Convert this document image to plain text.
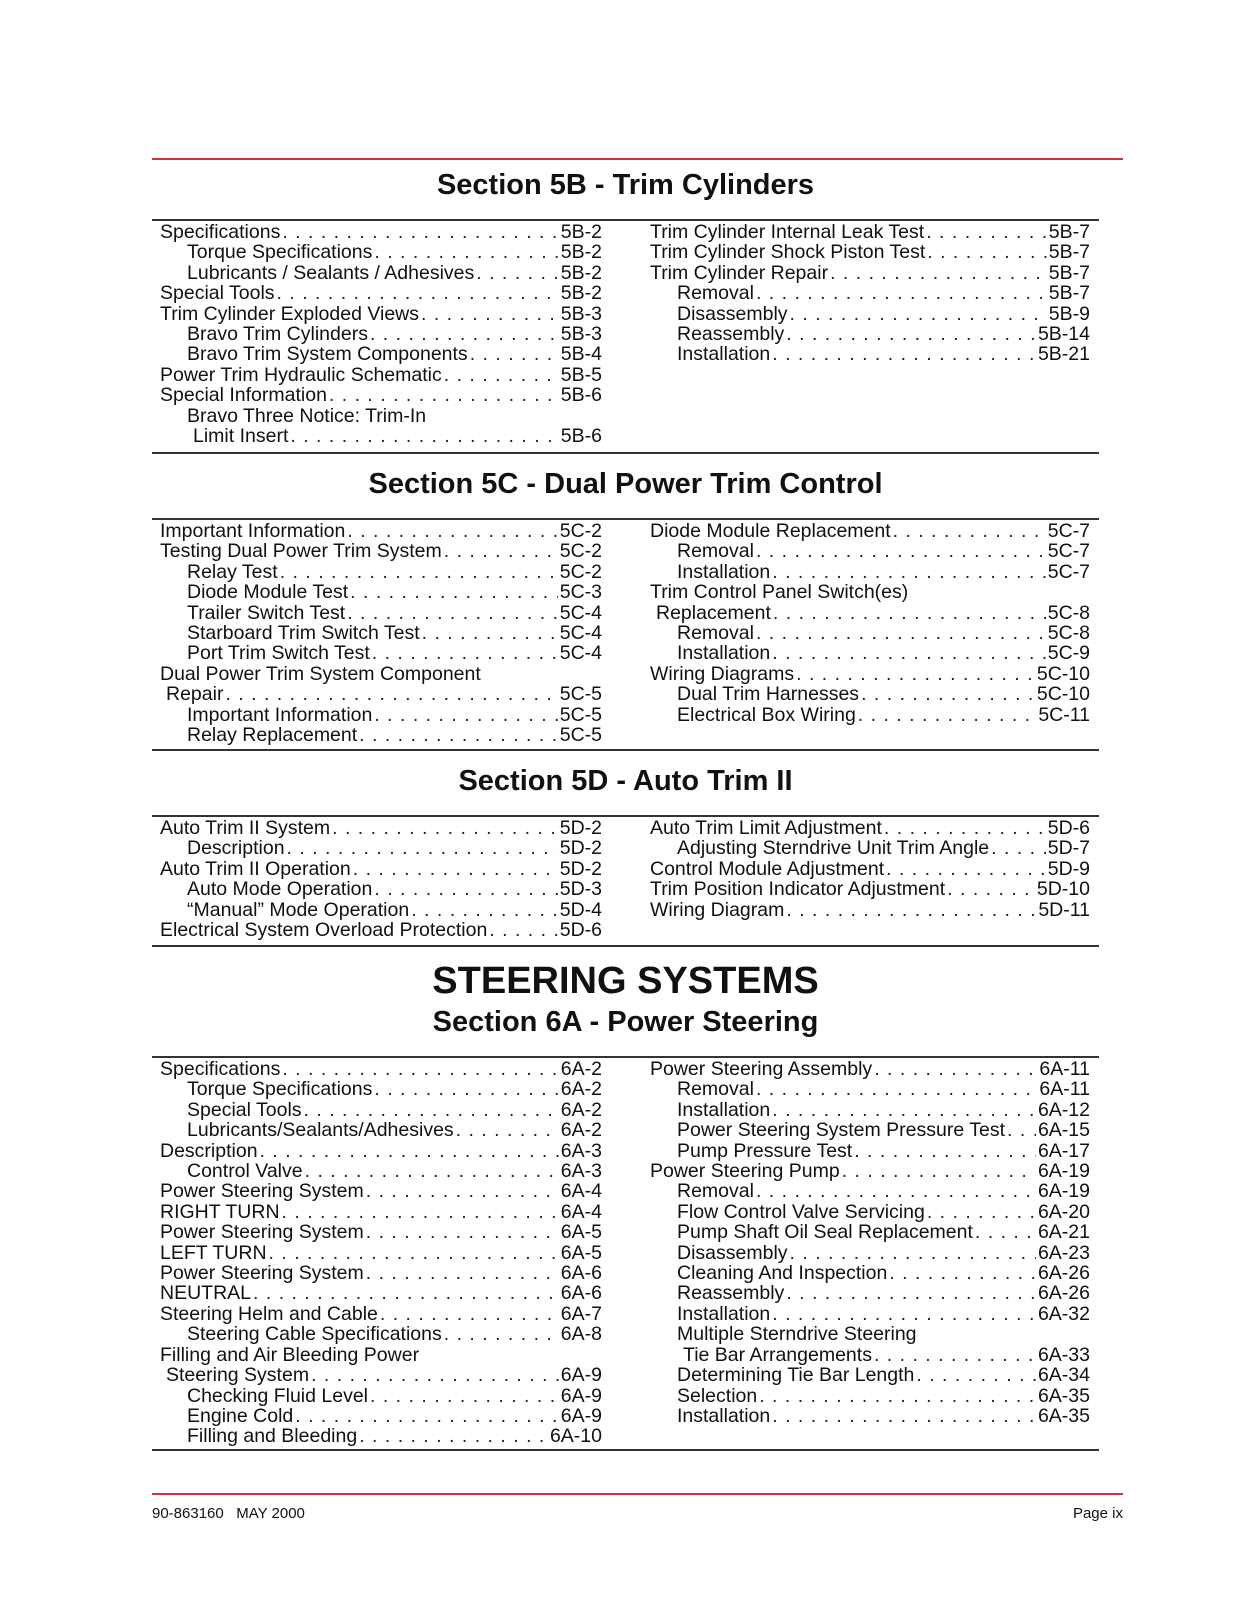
Section 5B - Trim Cylinders
Specifications . . .	5B-2
Torque Specifications . . .	5B-2
Lubricants / Sealants / Adhesives . . .	5B-2
Special Tools . . .	5B-2
Trim Cylinder Exploded Views . . .	5B-3
Bravo Trim Cylinders . . .	5B-3
Bravo Trim System Components . . .	5B-4
Power Trim Hydraulic Schematic . . .	5B-5
Special Information . . .	5B-6
Bravo Three Notice: Trim-In
Limit Insert . . .	5B-6
Trim Cylinder Internal Leak Test . . .	5B-7
Trim Cylinder Shock Piston Test . . .	5B-7
Trim Cylinder Repair . . .	5B-7
Removal . . .	5B-7
Disassembly . . .	5B-9
Reassembly . . .	5B-14
Installation . . .	5B-21
Section 5C - Dual Power Trim Control
Important Information . . .	5C-2
Testing Dual Power Trim System . . .	5C-2
Relay Test . . .	5C-2
Diode Module Test . . .	5C-3
Trailer Switch Test . . .	5C-4
Starboard Trim Switch Test . . .	5C-4
Port Trim Switch Test . . .	5C-4
Dual Power Trim System Component
Repair . . .	5C-5
Important Information . . .	5C-5
Relay Replacement . . .	5C-5
Diode Module Replacement . . .	5C-7
Removal . . .	5C-7
Installation . . .	5C-7
Trim Control Panel Switch(es)
Replacement . . .	5C-8
Removal . . .	5C-8
Installation . . .	5C-9
Wiring Diagrams . . .	5C-10
Dual Trim Harnesses . . .	5C-10
Electrical Box Wiring . . .	5C-11
Section 5D - Auto Trim II
Auto Trim II System . . .	5D-2
Description . . .	5D-2
Auto Trim II Operation . . .	5D-2
Auto Mode Operation . . .	5D-3
“Manual” Mode Operation . . .	5D-4
Electrical System Overload Protection . . .	5D-6
Auto Trim Limit Adjustment . . .	5D-6
Adjusting Sterndrive Unit Trim Angle . . .	5D-7
Control Module Adjustment . . .	5D-9
Trim Position Indicator Adjustment . . .	5D-10
Wiring Diagram . . .	5D-11
STEERING SYSTEMS
Section 6A - Power Steering
Specifications . . .	6A-2
Torque Specifications . . .	6A-2
Special Tools . . .	6A-2
Lubricants/Sealants/Adhesives . . .	6A-2
Description . . .	6A-3
Control Valve . . .	6A-3
Power Steering System . . .	6A-4
RIGHT TURN . . .	6A-4
Power Steering System . . .	6A-5
LEFT TURN . . .	6A-5
Power Steering System . . .	6A-6
NEUTRAL . . .	6A-6
Steering Helm and Cable . . .	6A-7
Steering Cable Specifications . . .	6A-8
Filling and Air Bleeding Power
Steering System . . .	6A-9
Checking Fluid Level . . .	6A-9
Engine Cold . . .	6A-9
Filling and Bleeding . . .	6A-10
Power Steering Assembly . . .	6A-11
Removal . . .	6A-11
Installation . . .	6A-12
Power Steering System Pressure Test . . . 6A-15
Pump Pressure Test . . .	6A-17
Power Steering Pump . . .	6A-19
Removal . . .	6A-19
Flow Control Valve Servicing . . .	6A-20
Pump Shaft Oil Seal Replacement . . .	6A-21
Disassembly . . .	6A-23
Cleaning And Inspection . . .	6A-26
Reassembly . . .	6A-26
Installation . . .	6A-32
Multiple Sterndrive Steering
Tie Bar Arrangements . . .	6A-33
Determining Tie Bar Length . . .	6A-34
Selection . . .	6A-35
Installation . . .	6A-35
90-863160   MAY 2000	Page ix
